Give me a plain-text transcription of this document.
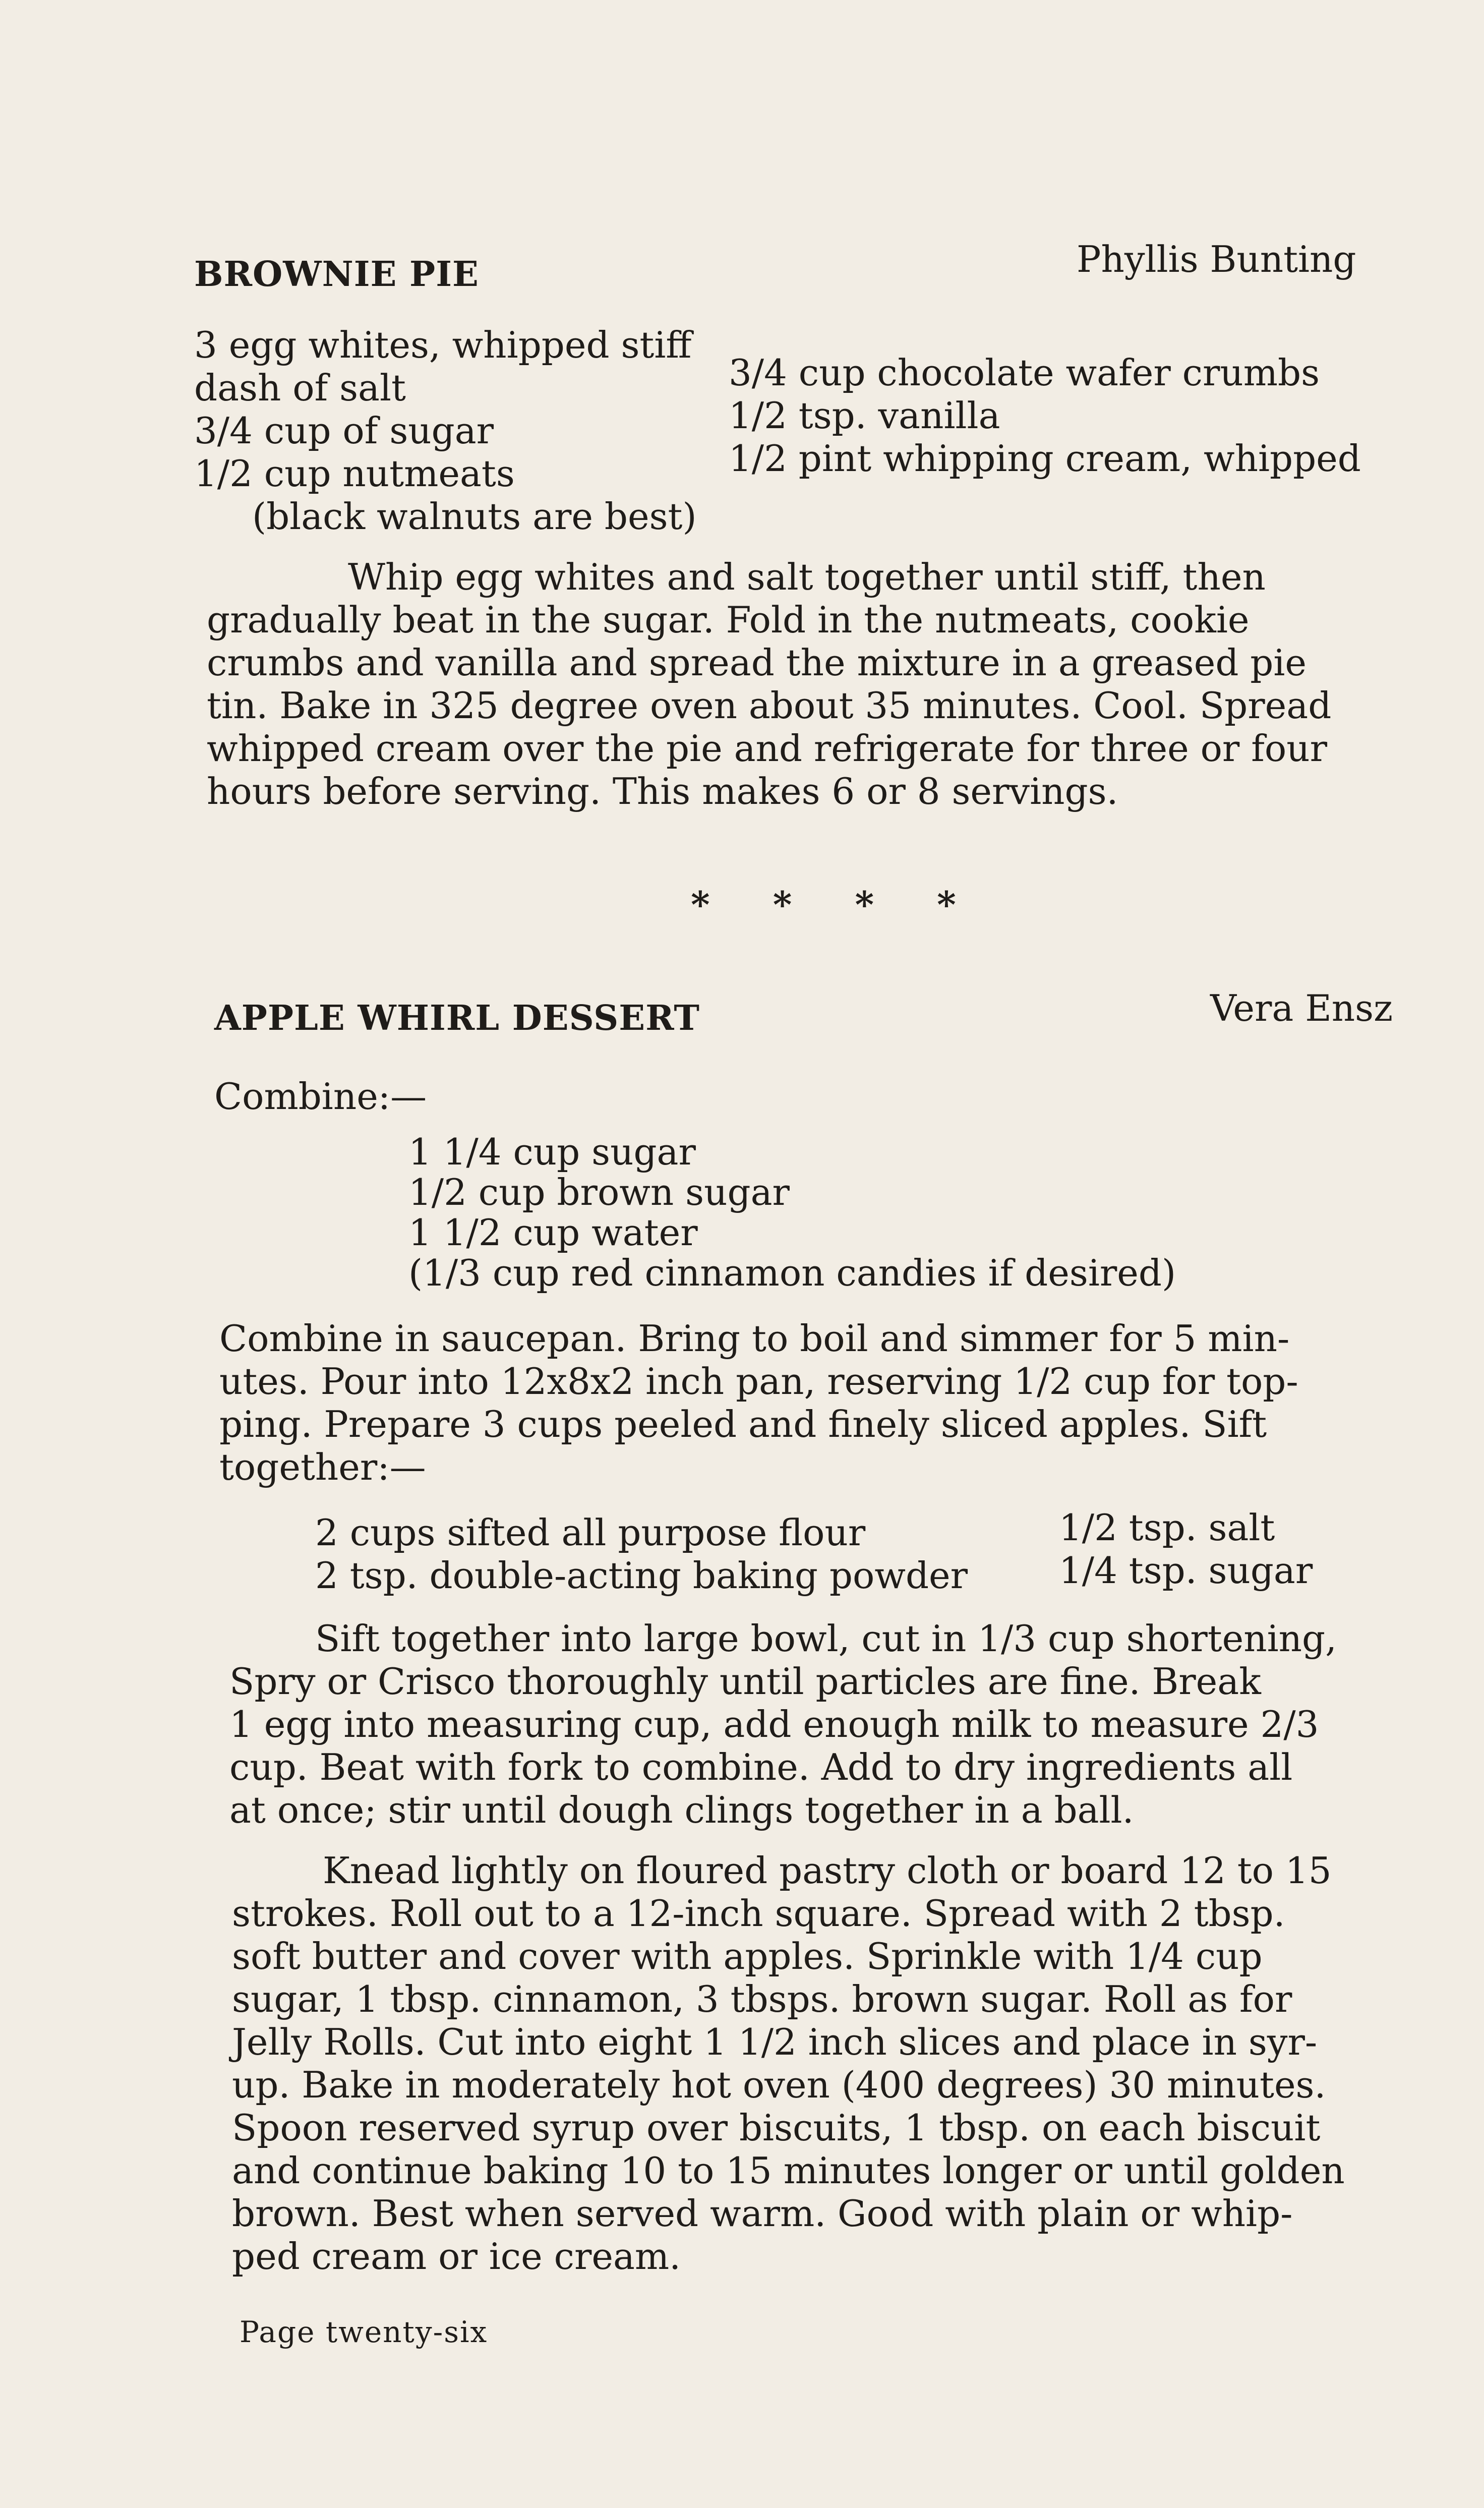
BROWNIE PIE	Phyllis Bunting
3 egg whites, whipped stiff
dash of salt
3/4 cup of sugar
1/2 cup nutmeats
(black walnuts are best)
3/4 cup chocolate wafer crumbs
1/2 tsp. vanilla
1/2 pint whipping cream, whipped
Whip egg whites and salt together until stiff, then
gradually beat in the sugar. Fold in the nutmeats, cookie
crumbs and vanilla and spread the mixture in a greased pie
tin. Bake in 325 degree oven about 35 minutes. Cool. Spread
whipped cream over the pie and refrigerate for three or four
hours before serving. This makes 6 or 8 servings.
* * * *
APPLE WHIRL DESSERT	Vera Ensz
Combine:—
1 1/4 cup sugar
1/2 cup brown sugar
1 1/2 cup water
(1/3 cup red cinnamon candies if desired)
Combine in saucepan. Bring to boil and simmer for 5 min-
utes. Pour into 12x8x2 inch pan, reserving 1/2 cup for top-
ping. Prepare 3 cups peeled and finely sliced apples. Sift
together:—
2 cups sifted all purpose flour
2 tsp. double-acting baking powder
1/2 tsp. salt
1/4 tsp. sugar
Sift together into large bowl, cut in 1/3 cup shortening,
Spry or Crisco thoroughly until particles are fine. Break
1 egg into measuring cup, add enough milk to measure 2/3
cup. Beat with fork to combine. Add to dry ingredients all
at once; stir until dough clings together in a ball.
Knead lightly on floured pastry cloth or board 12 to 15
strokes. Roll out to a 12-inch square. Spread with 2 tbsp.
soft butter and cover with apples. Sprinkle with 1/4 cup
sugar, 1 tbsp. cinnamon, 3 tbsps. brown sugar. Roll as for
Jelly Rolls. Cut into eight 1 1/2 inch slices and place in syr-
up. Bake in moderately hot oven (400 degrees) 30 minutes.
Spoon reserved syrup over biscuits, 1 tbsp. on each biscuit
and continue baking 10 to 15 minutes longer or until golden
brown. Best when served warm. Good with plain or whip-
ped cream or ice cream.
Page twenty-six
